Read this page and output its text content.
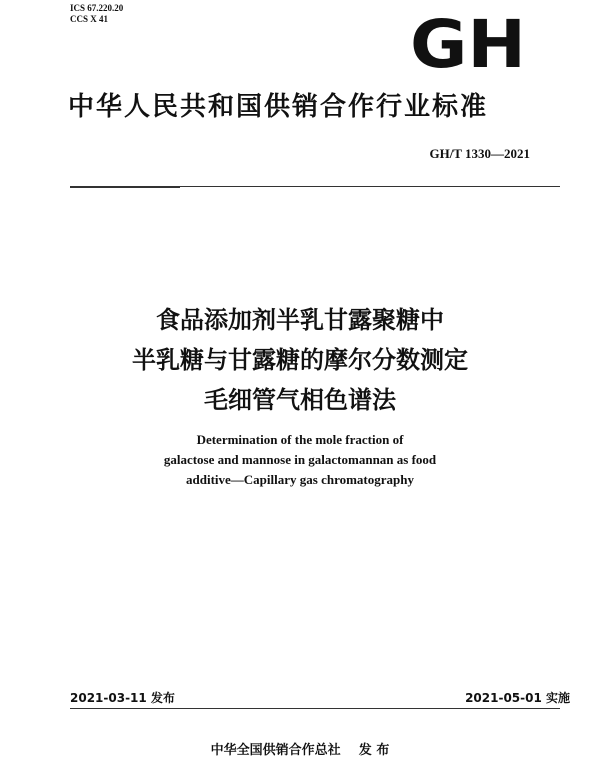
ICS 67.220.20
CCS X 41	GH
中华人民共和国供销合作行业标准
GH/T 1330—2021
食品添加剂半乳甘露聚糖中
半乳糖与甘露糖的摩尔分数测定
毛细管气相色谱法
Determination of the mole fraction of
galactose and mannose in galactomannan as food
additive—Capillary gas chromatography
2021-03-11 发布	2021-05-01 实施
中华全国供销合作总社 发 布
